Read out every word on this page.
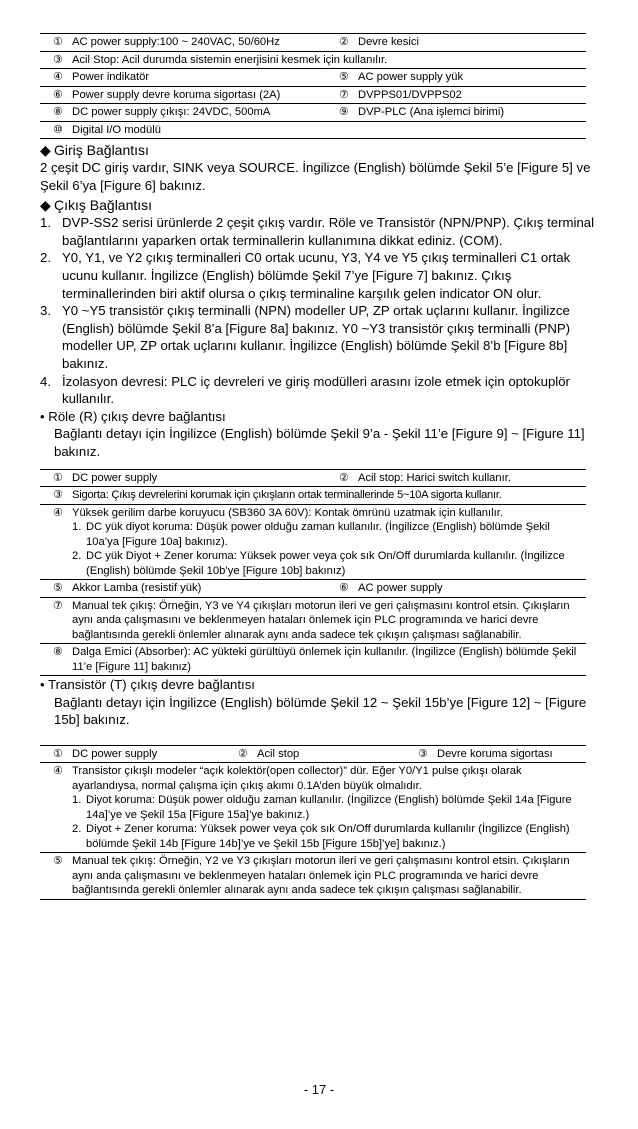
① AC power supply:100 ~ 240VAC, 50/60Hz	② Devre kesici
③ Acil Stop: Acil durumda sistemin enerjisini kesmek için kullanılır.
④ Power indikatör	⑤ AC power supply yük
⑥ Power supply devre koruma sigortası (2A)	⑦ DVPPS01/DVPPS02
⑧ DC power supply çıkışı: 24VDC, 500mA	⑨ DVP-PLC (Ana işlemci birimi)
⑩ Digital I/O modülü
◆ Giriş Bağlantısı
2 çeşit DC giriş vardır, SINK veya SOURCE. İngilizce (English) bölümde Şekil 5’e [Figure 5] ve Şekil 6’ya [Figure 6] bakınız.
◆ Çıkış Bağlantısı
1. DVP-SS2 serisi ürünlerde 2 çeşit çıkış vardır. Röle ve Transistör (NPN/PNP). Çıkış terminal bağlantılarını yaparken ortak terminallerin kullanımına dikkat ediniz. (COM).
2. Y0, Y1, ve Y2 çıkış terminalleri C0 ortak ucunu, Y3, Y4 ve Y5 çıkış terminalleri C1 ortak ucunu kullanır. İngilizce (English) bölümde Şekil 7’ye [Figure 7] bakınız. Çıkış terminallerinden biri aktif olursa o çıkış terminaline karşılık gelen indicator ON olur.
3. Y0 ~Y5 transistör çıkış terminalli (NPN) modeller UP, ZP ortak uçlarını kullanır. İngilizce (English) bölümde Şekil 8’a [Figure 8a] bakınız. Y0 ~Y3 transistör çıkış terminalli (PNP) modeller UP, ZP ortak uçlarını kullanır. İngilizce (English) bölümde Şekil 8’b [Figure 8b] bakınız.
4. İzolasyon devresi: PLC iç devreleri ve giriş modülleri arasını izole etmek için optokuplör kullanılır.
• Röle (R) çıkış devre bağlantısı
Bağlantı detayı için İngilizce (English) bölümde Şekil 9’a - Şekil 11’e [Figure 9] ~ [Figure 11] bakınız.
① DC power supply	② Acil stop: Harici switch kullanır.
③ Sigorta: Çıkış devrelerini korumak için çıkışların ortak terminallerinde 5~10A sigorta kullanır.
④ Yüksek gerilim darbe koruyucu (SB360 3A 60V): Kontak ömrünü uzatmak için kullanılır.
1. DC yük diyot koruma: Düşük power olduğu zaman kullanılır. (İngilizce (English) bölümde Şekil 10a’ya [Figure 10a] bakınız).
2. DC yük Diyot + Zener koruma: Yüksek power veya çok sık On/Off durumlarda kullanılır. (İngilizce (English) bölümde Şekil 10b’ye [Figure 10b] bakınız)
⑤ Akkor Lamba (resistif yük)	⑥ AC power supply
⑦ Manual tek çıkış: Örneğin, Y3 ve Y4 çıkışları motorun ileri ve geri çalışmasını kontrol etsin. Çıkışların aynı anda çalışmasını ve beklenmeyen hataları önlemek için PLC programında ve harici devre bağlantısında gerekli önlemler alınarak aynı anda sadece tek çıkışın çalışması sağlanabilir.
⑧ Dalga Emici (Absorber): AC yükteki gürültüyü önlemek için kullanılır. (İngilizce (English) bölümde Şekil 11’e [Figure 11] bakınız)
• Transistör (T) çıkış devre bağlantısı
Bağlantı detayı için İngilizce (English) bölümde Şekil 12 ~ Şekil 15b’ye [Figure 12] ~ [Figure 15b] bakınız.
① DC power supply	② Acil stop	③ Devre koruma sigortası
④ Transistor çıkışlı modeler “açık kolektör(open collector)” dür. Eğer Y0/Y1 pulse çıkışı olarak ayarlandıysa, normal çalışma için çıkış akımı 0.1A’den büyük olmalıdır.
1. Diyot koruma: Düşük power olduğu zaman kullanılır. (İngilizce (English) bölümde Şekil 14a [Figure 14a]’ye ve Şekil 15a [Figure 15a]’ye bakınız.)
2. Diyot + Zener koruma: Yüksek power veya çok sık On/Off durumlarda kullanılır (İngilizce (English) bölümde Şekil 14b [Figure 14b]’ye ve Şekil 15b [Figure 15b]’ye] bakınız.)
⑤ Manual tek çıkış: Örneğin, Y2 ve Y3 çıkışları motorun ileri ve geri çalışmasını kontrol etsin. Çıkışların aynı anda çalışmasını ve beklenmeyen hataları önlemek için PLC programında ve harici devre bağlantısında gerekli önlemler alınarak aynı anda sadece tek çıkışın çalışması sağlanabilir.
- 17 -
